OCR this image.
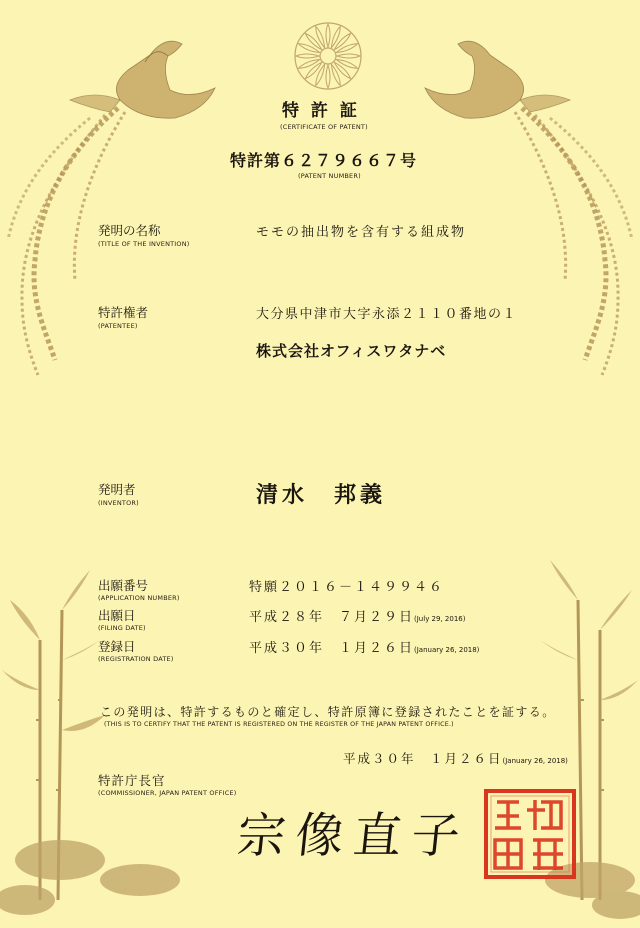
特 許 証
(CERTIFICATE OF PATENT)
特許第６２７９６６７号
(PATENT NUMBER)
発明の名称
(TITLE OF THE INVENTION)
モモの抽出物を含有する組成物
特許権者
(PATENTEE)
大分県中津市大字永添２１１０番地の１
株式会社オフィスワタナベ
発明者
(INVENTOR)	清水　邦義
出願番号
(APPLICATION NUMBER)
特願２０１６－１４９９４６
出願日
(FILING DATE)
平成２８年　７月２９日(July 29, 2016)
登録日
(REGISTRATION DATE)
平成３０年　１月２６日(January 26, 2018)
この発明は、特許するものと確定し、特許原簿に登録されたことを証する。
(THIS IS TO CERTIFY THAT THE PATENT IS REGISTERED ON THE REGISTER OF THE JAPAN PATENT OFFICE.)
平成３０年　１月２６日(January 26, 2018)
特許庁長官
(COMMISSIONER, JAPAN PATENT OFFICE)
宗像直子
